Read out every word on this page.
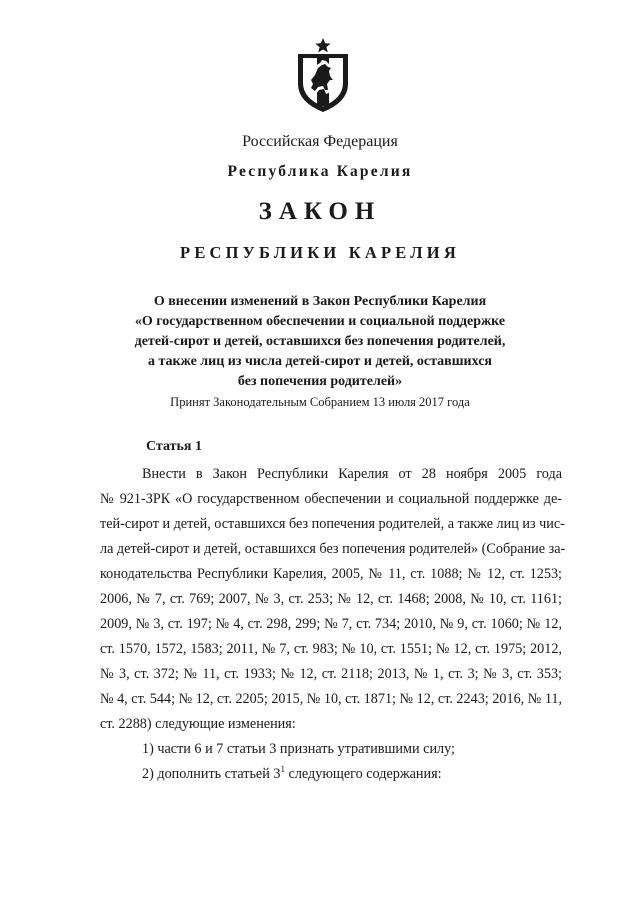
Российская Федерация
Республика Карелия
ЗАКОН
РЕСПУБЛИКИ КАРЕЛИЯ
О внесении изменений в Закон Республики Карелия
«О государственном обеспечении и социальной поддержке
детей-сирот и детей, оставшихся без попечения родителей,
а также лиц из числа детей-сирот и детей, оставшихся
без попечения родителей»
Принят Законодательным Собранием 13 июля 2017 года
Статья 1
Внести в Закон Республики Карелия от 28 ноября 2005 года
№ 921-ЗРК «О государственном обеспечении и социальной поддержке де-
тей-сирот и детей, оставшихся без попечения родителей, а также лиц из чис-
ла детей-сирот и детей, оставшихся без попечения родителей» (Собрание за-
конодательства Республики Карелия, 2005, № 11, ст. 1088; № 12, ст. 1253;
2006, № 7, ст. 769; 2007, № 3, ст. 253; № 12, ст. 1468; 2008, № 10, ст. 1161;
2009, № 3, ст. 197; № 4, ст. 298, 299; № 7, ст. 734; 2010, № 9, ст. 1060; № 12,
ст. 1570, 1572, 1583; 2011, № 7, ст. 983; № 10, ст. 1551; № 12, ст. 1975; 2012,
№ 3, ст. 372; № 11, ст. 1933; № 12, ст. 2118; 2013, № 1, ст. 3; № 3, ст. 353;
№ 4, ст. 544; № 12, ст. 2205; 2015, № 10, ст. 1871; № 12, ст. 2243; 2016, № 11,
ст. 2288) следующие изменения:
1) части 6 и 7 статьи 3 признать утратившими силу;
2) дополнить статьей $3^1$ следующего содержания:
